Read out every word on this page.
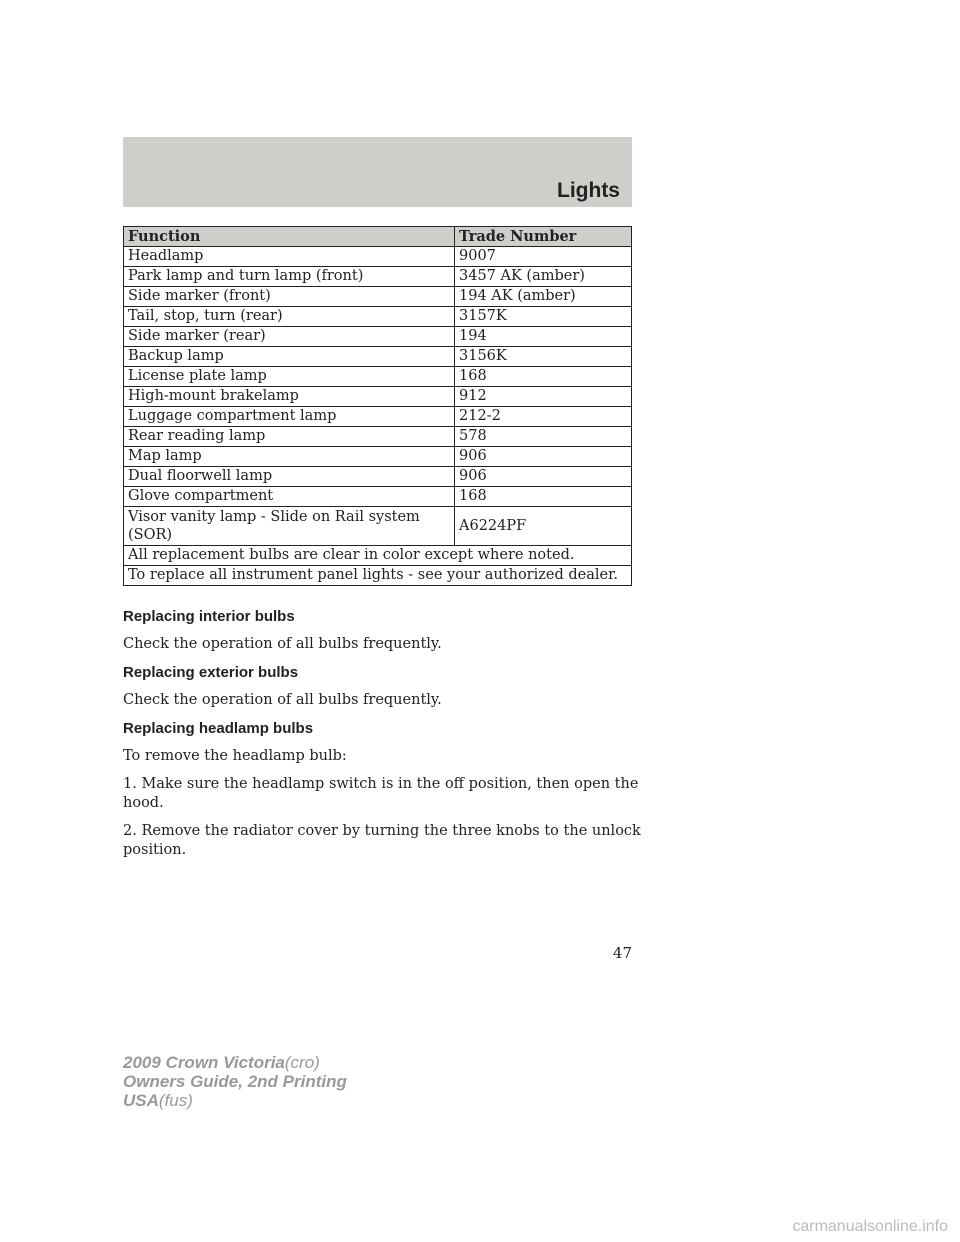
Lights
Function	Trade Number
Headlamp	9007
Park lamp and turn lamp (front)	3457 AK (amber)
Side marker (front)	194 AK (amber)
Tail, stop, turn (rear)	3157K
Side marker (rear)	194
Backup lamp	3156K
License plate lamp	168
High-mount brakelamp	912
Luggage compartment lamp	212-2
Rear reading lamp	578
Map lamp	906
Dual floorwell lamp	906
Glove compartment	168
Visor vanity lamp - Slide on Rail system (SOR)	A6224PF
All replacement bulbs are clear in color except where noted.	
To replace all instrument panel lights - see your authorized dealer.	
Replacing interior bulbs

Check the operation of all bulbs frequently.

Replacing exterior bulbs

Check the operation of all bulbs frequently.

Replacing headlamp bulbs

To remove the headlamp bulb:

1. Make sure the headlamp switch is in the off position, then open the hood.

2. Remove the radiator cover by turning the three knobs to the unlock position.

47
2009 Crown Victoria(cro)
Owners Guide, 2nd Printing
USA(fus)
carmanualsonline.info
